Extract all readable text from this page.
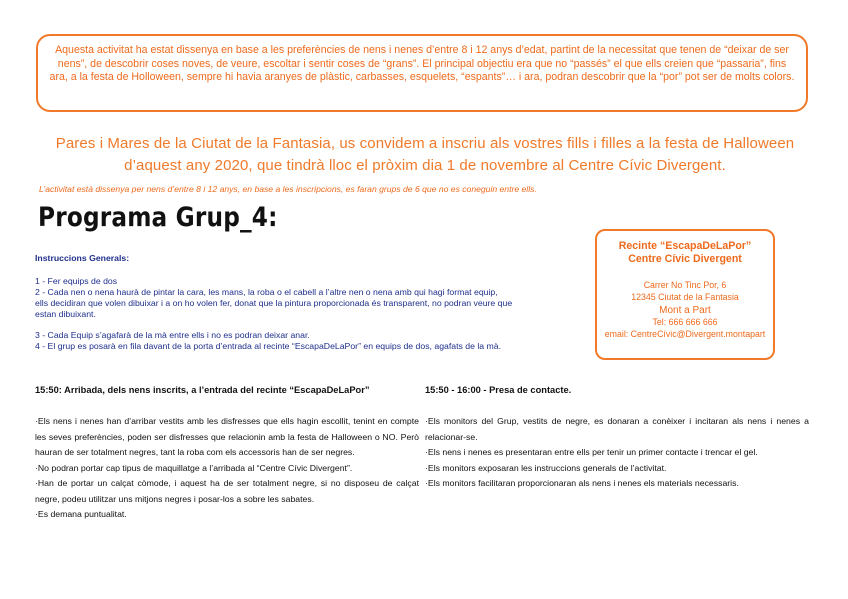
Aquesta activitat ha estat dissenya en base a les preferències de nens i nenes d’entre 8 i 12 anys d’edat, partint de la necessitat que tenen de “deixar de ser nens”, de descobrir coses noves, de veure, escoltar i sentir coses de “grans”. El principal objectiu era que no “passés” el que ells creien que “passaria”, fins ara, a la festa de Holloween, sempre hi havia aranyes de plàstic, carbasses, esquelets, “espants”… i ara, podran descobrir que la “por” pot ser de molts colors.
Pares i Mares de la Ciutat de la Fantasia, us convidem a inscriu als vostres fills i filles a la festa de Halloween
d’aquest any 2020, que tindrà lloc el pròxim dia 1 de novembre al Centre Cívic Divergent.
L’activitat està dissenya per nens d’entre 8 i 12 anys, en base a les inscripcions, es faran grups de 6 que no es coneguin entre ells.
Programa Grup_4:
Instruccions Generals:

1 - Fer equips de dos

2 - Cada nen o nena haurà de pintar la cara, les mans, la roba o el cabell a l’altre nen o nena amb qui hagi format equip,

ells decidiran que volen dibuixar i a on ho volen fer, donat que la pintura proporcionada és transparent, no podran veure que

estan dibuixant.

3 - Cada Equip s’agafarà de la mà entre ells i no es podran deixar anar.

4 - El grup es posarà en fila davant de la porta d’entrada al recinte “EscapaDeLaPor” en equips de dos, agafats de la mà.

Recinte “EscapaDeLaPor”
Centre Cívic Divergent
Carrer No Tinc Por, 6
12345 Ciutat de la Fantasia
Mont a Part
Tel: 666 666 666
email: CentreCívic@Divergent.montapart
15:50: Arribada, dels nens inscrits, a l’entrada del recinte “EscapaDeLaPor”

·Els nens i nenes han d’arribar vestits amb les disfresses que ells hagin escollit, tenint en compte les seves preferències, poden ser disfresses que relacionin amb la festa de Halloween o NO. Però hauran de ser totalment negres, tant la roba com els accessoris han de ser negres.

·No podran portar cap tipus de maquillatge a l’arribada al “Centre Cívic Divergent”.

·Han de portar un calçat còmode, i aquest ha de ser totalment negre, si no disposeu de calçat negre, podeu utilitzar uns mitjons negres i posar-los a sobre les sabates.

·Es demana puntualitat.

15:50 - 16:00 - Presa de contacte.

·Els monitors del Grup, vestits de negre, es donaran a conèixer i incitaran als nens i nenes a relacionar-se.

·Els nens i nenes es presentaran entre ells per tenir un primer contacte i trencar el gel.

·Els monitors exposaran les instruccions generals de l’activitat.

·Els monitors facilitaran proporcionaran als nens i nenes els materials necessaris.
